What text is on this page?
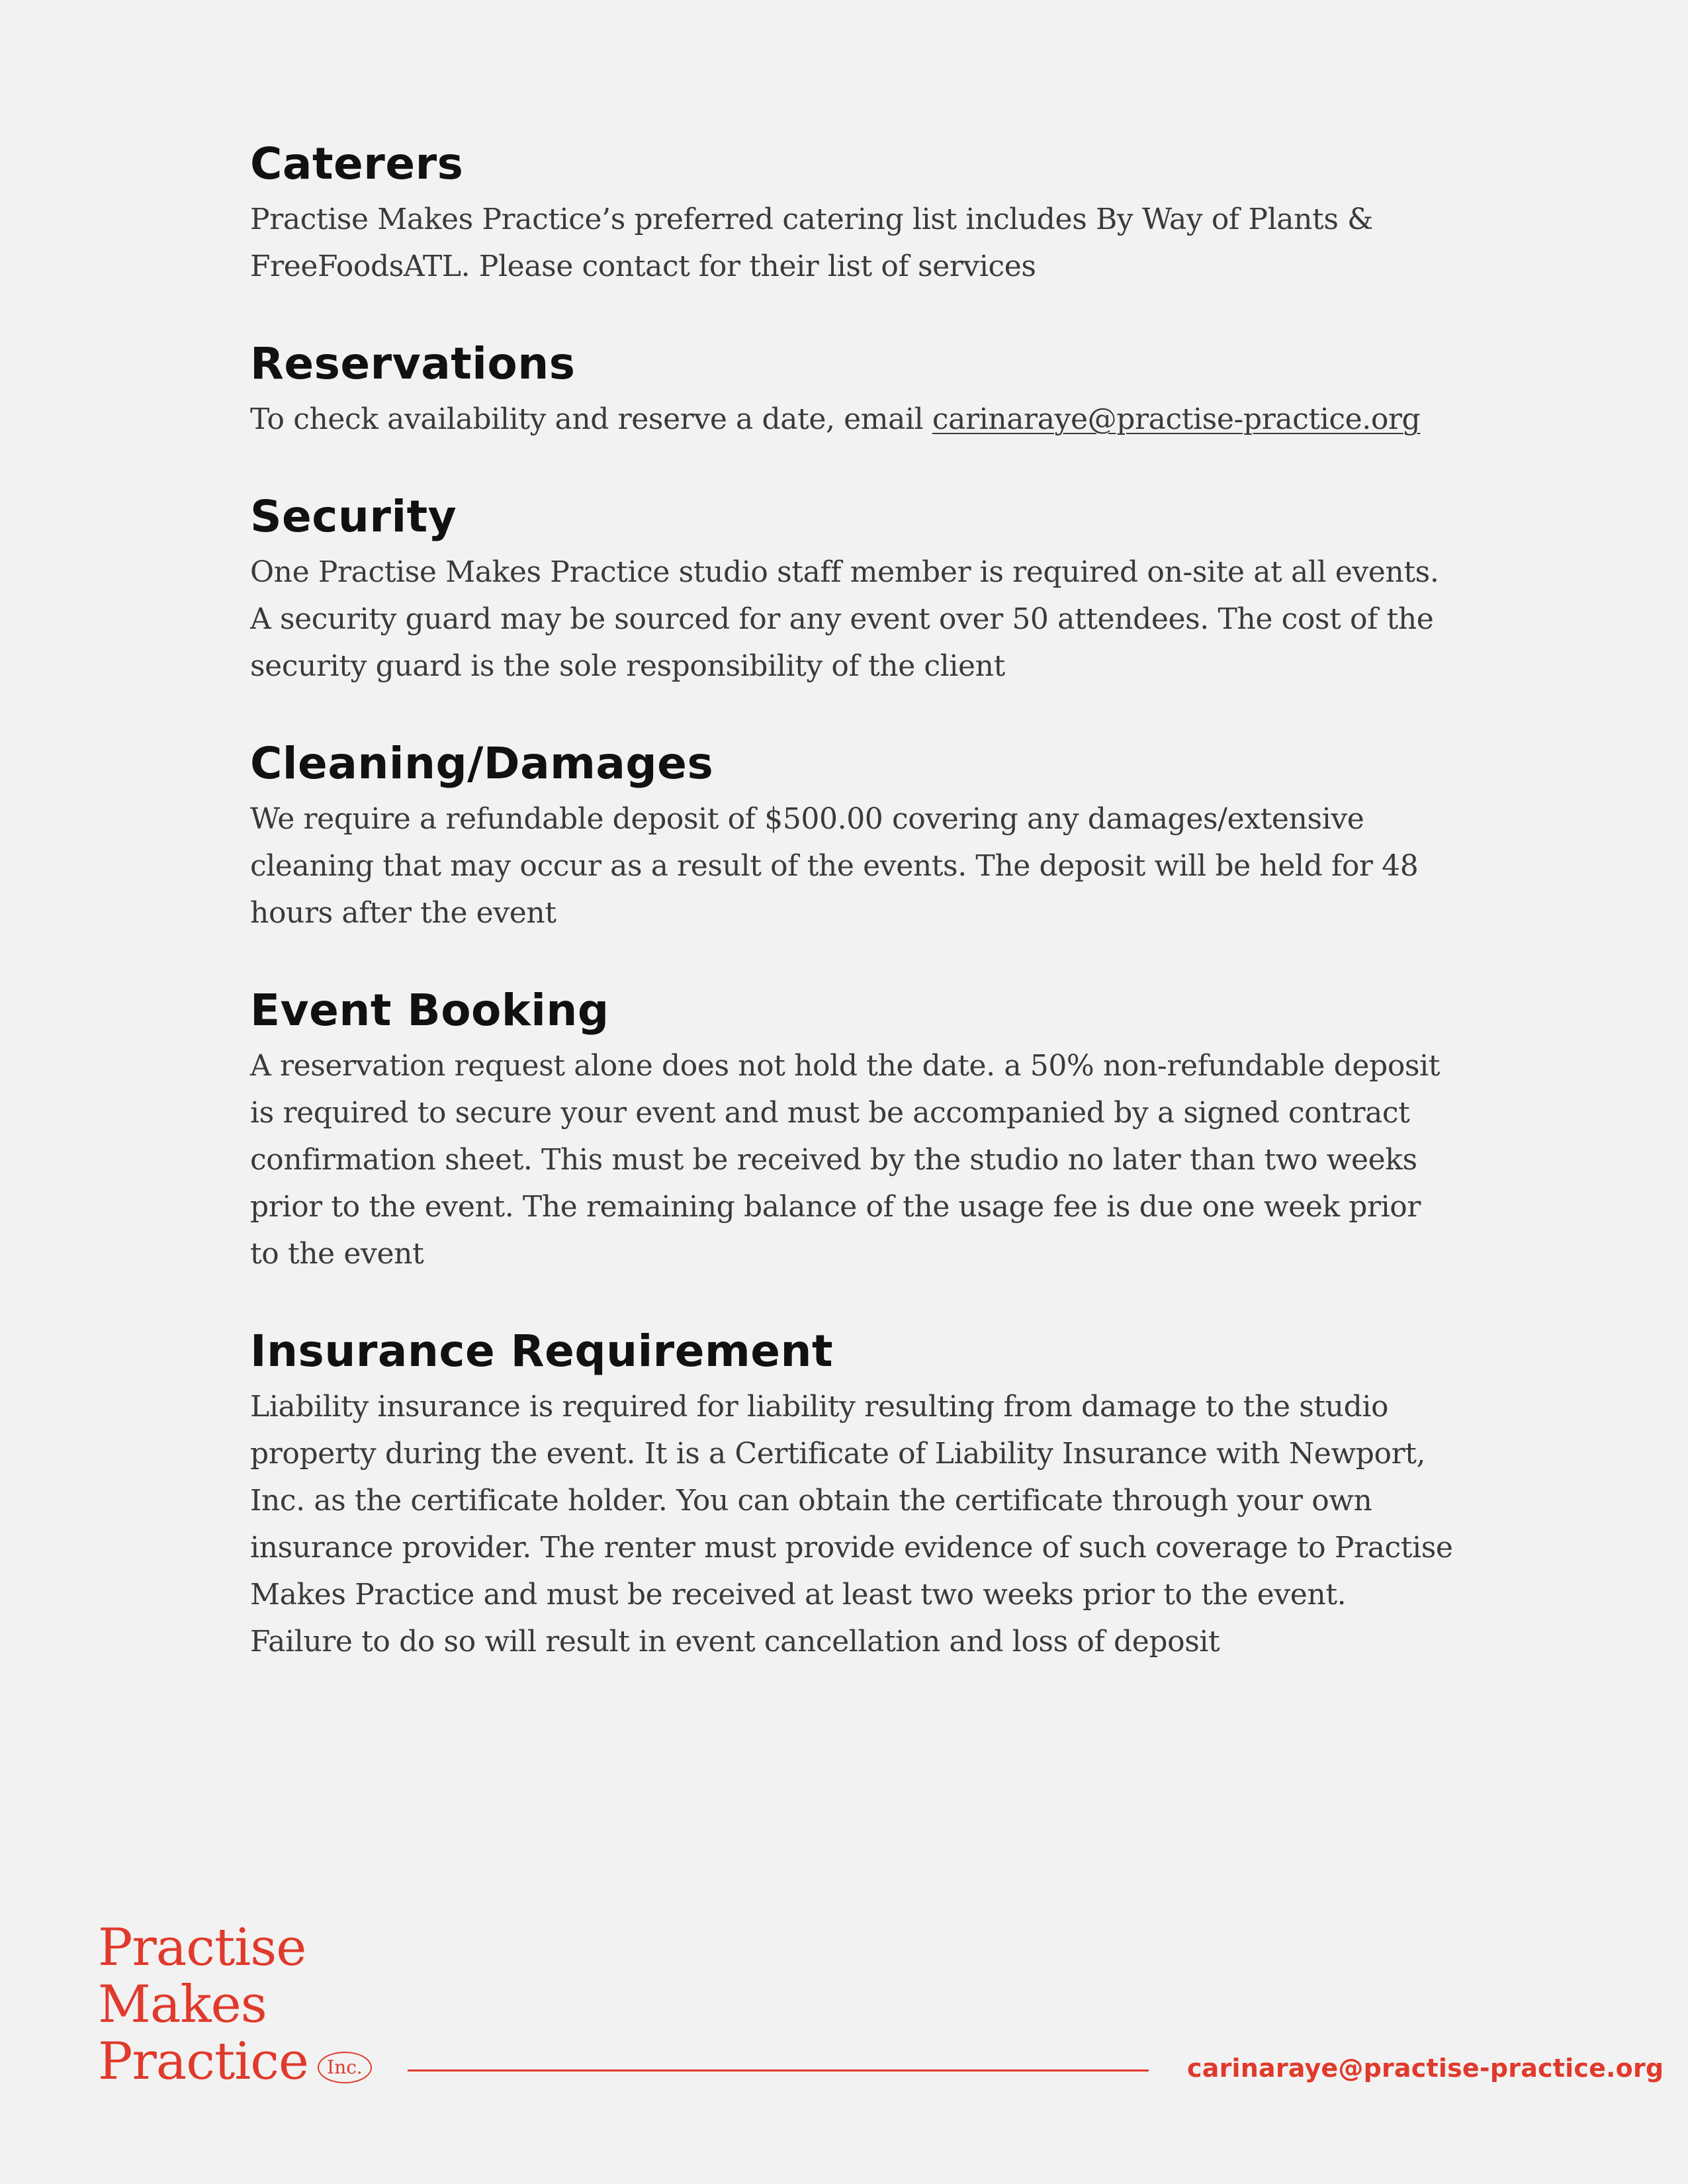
Caterers

Practise Makes Practice’s preferred catering list includes By Way of Plants & FreeFoodsATL. Please contact for their list of services

Reservations

To check availability and reserve a date, email carinaraye@practise-practice.org

Security

One Practise Makes Practice studio staff member is required on-site at all events. A security guard may be sourced for any event over 50 attendees. The cost of the security guard is the sole responsibility of the client

Cleaning/Damages

We require a refundable deposit of $500.00 covering any damages/extensive cleaning that may occur as a result of the events. The deposit will be held for 48 hours after the event

Event Booking

A reservation request alone does not hold the date. a 50% non-refundable deposit is required to secure your event and must be accompanied by a signed contract confirmation sheet. This must be received by the studio no later than two weeks prior to the event. The remaining balance of the usage fee is due one week prior to the event

Insurance Requirement

Liability insurance is required for liability resulting from damage to the studio property during the event. It is a Certificate of Liability Insurance with Newport, Inc. as the certificate holder. You can obtain the certificate through your own insurance provider. The renter must provide evidence of such coverage to Practise Makes Practice and must be received at least two weeks prior to the event. Failure to do so will result in event cancellation and loss of deposit

Practise
Makes
Practice	Inc.	carinaraye@practise-practice.org
